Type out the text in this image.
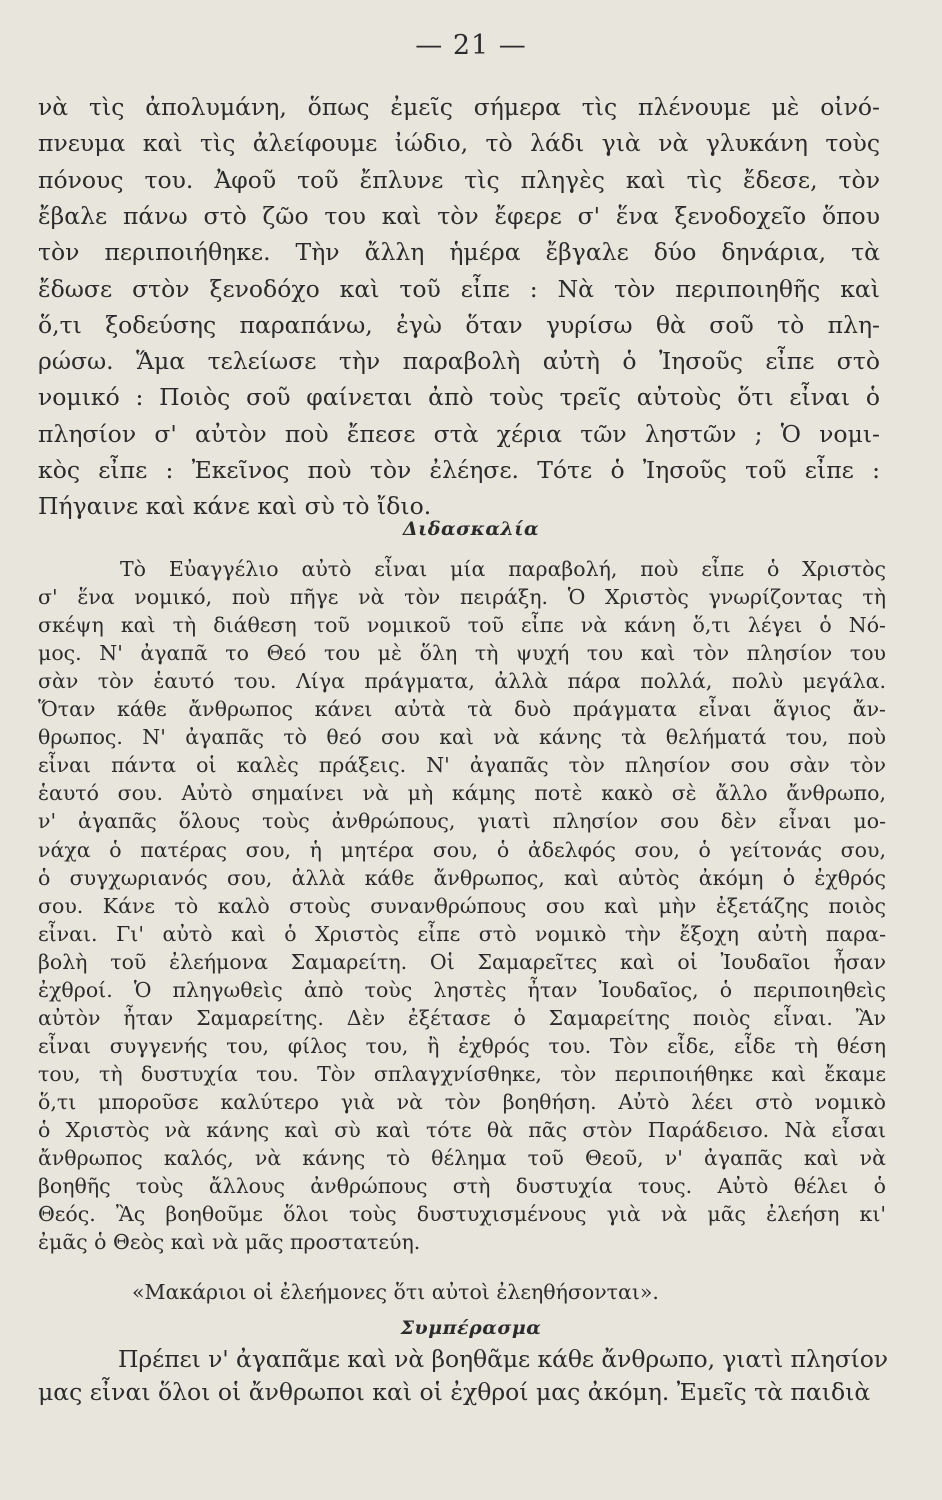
— 21 —
νὰ τὶς ἀπολυμάνη, ὅπως ἐμεῖς σήμερα τὶς πλένουμε μὲ οἰνό-
πνευμα καὶ τὶς ἀλείφουμε ἰώδιο, τὸ λάδι γιὰ νὰ γλυκάνη τοὺς
πόνους του. Ἀφοῦ τοῦ ἔπλυνε τὶς πληγὲς καὶ τὶς ἔδεσε, τὸν
ἔβαλε πάνω στὸ ζῶο του καὶ τὸν ἔφερε σ' ἕνα ξενοδοχεῖο ὅπου
τὸν περιποιήθηκε. Τὴν ἄλλη ἡμέρα ἔβγαλε δύο δηνάρια, τὰ
ἔδωσε στὸν ξενοδόχο καὶ τοῦ εἶπε : Νὰ τὸν περιποιηθῆς καὶ
ὅ,τι ξοδεύσης παραπάνω, ἐγὼ ὅταν γυρίσω θὰ σοῦ τὸ πλη-
ρώσω. Ἅμα τελείωσε τὴν παραβολὴ αὐτὴ ὁ Ἰησοῦς εἶπε στὸ
νομικό : Ποιὸς σοῦ φαίνεται ἀπὸ τοὺς τρεῖς αὐτοὺς ὅτι εἶναι ὁ
πλησίον σ' αὐτὸν ποὺ ἔπεσε στὰ χέρια τῶν ληστῶν ; Ὁ νομι-
κὸς εἶπε : Ἐκεῖνος ποὺ τὸν ἐλέησε. Τότε ὁ Ἰησοῦς τοῦ εἶπε :
Πήγαινε καὶ κάνε καὶ σὺ τὸ ἴδιο.
Διδασκαλία
Τὸ Εὐαγγέλιο αὐτὸ εἶναι μία παραβολή, ποὺ εἶπε ὁ Χριστὸς
σ' ἕνα νομικό, ποὺ πῆγε νὰ τὸν πειράξη. Ὁ Χριστὸς γνωρίζοντας τὴ
σκέψη καὶ τὴ διάθεση τοῦ νομικοῦ τοῦ εἶπε νὰ κάνη ὅ,τι λέγει ὁ Νό-
μος. Ν' ἀγαπᾶ το Θεό του μὲ ὅλη τὴ ψυχή του καὶ τὸν πλησίον του
σὰν τὸν ἑαυτό του. Λίγα πράγματα, ἀλλὰ πάρα πολλά, πολὺ μεγάλα.
Ὅταν κάθε ἄνθρωπος κάνει αὐτὰ τὰ δυὸ πράγματα εἶναι ἅγιος ἄν-
θρωπος. Ν' ἀγαπᾶς τὸ θεό σου καὶ νὰ κάνης τὰ θελήματά του, ποὺ
εἶναι πάντα οἱ καλὲς πράξεις. Ν' ἀγαπᾶς τὸν πλησίον σου σὰν τὸν
ἑαυτό σου. Αὐτὸ σημαίνει νὰ μὴ κάμης ποτὲ κακὸ σὲ ἄλλο ἄνθρωπο,
ν' ἀγαπᾶς ὅλους τοὺς ἀνθρώπους, γιατὶ πλησίον σου δὲν εἶναι μο-
νάχα ὁ πατέρας σου, ἡ μητέρα σου, ὁ ἀδελφός σου, ὁ γείτονάς σου,
ὁ συγχωριανός σου, ἀλλὰ κάθε ἄνθρωπος, καὶ αὐτὸς ἀκόμη ὁ ἐχθρός
σου. Κάνε τὸ καλὸ στοὺς συνανθρώπους σου καὶ μὴν ἐξετάζης ποιὸς
εἶναι. Γι' αὐτὸ καὶ ὁ Χριστὸς εἶπε στὸ νομικὸ τὴν ἔξοχη αὐτὴ παρα-
βολὴ τοῦ ἐλεήμονα Σαμαρείτη. Οἱ Σαμαρεῖτες καὶ οἱ Ἰουδαῖοι ἦσαν
ἐχθροί. Ὁ πληγωθεὶς ἀπὸ τοὺς ληστὲς ἦταν Ἰουδαῖος, ὁ περιποιηθεὶς
αὐτὸν ἦταν Σαμαρείτης. Δὲν ἐξέτασε ὁ Σαμαρείτης ποιὸς εἶναι. Ἂν
εἶναι συγγενής του, φίλος του, ἢ ἐχθρός του. Τὸν εἶδε, εἶδε τὴ θέση
του, τὴ δυστυχία του. Τὸν σπλαγχνίσθηκε, τὸν περιποιήθηκε καὶ ἔκαμε
ὅ,τι μποροῦσε καλύτερο γιὰ νὰ τὸν βοηθήση. Αὐτὸ λέει στὸ νομικὸ
ὁ Χριστὸς νὰ κάνης καὶ σὺ καὶ τότε θὰ πᾶς στὸν Παράδεισο. Νὰ εἶσαι
ἄνθρωπος καλός, νὰ κάνης τὸ θέλημα τοῦ Θεοῦ, ν' ἀγαπᾶς καὶ νὰ
βοηθῆς τοὺς ἄλλους ἀνθρώπους στὴ δυστυχία τους. Αὐτὸ θέλει ὁ
Θεός. Ἂς βοηθοῦμε ὅλοι τοὺς δυστυχισμένους γιὰ νὰ μᾶς ἐλεήση κι'
ἐμᾶς ὁ Θεὸς καὶ νὰ μᾶς προστατεύη.
«Μακάριοι οἱ ἐλεήμονες ὅτι αὐτοὶ ἐλεηθήσονται».
Συμπέρασμα
Πρέπει ν' ἀγαπᾶμε καὶ νὰ βοηθᾶμε κάθε ἄνθρωπο, γιατὶ πλησίον
μας εἶναι ὅλοι οἱ ἄνθρωποι καὶ οἱ ἐχθροί μας ἀκόμη. Ἐμεῖς τὰ παιδιὰ
